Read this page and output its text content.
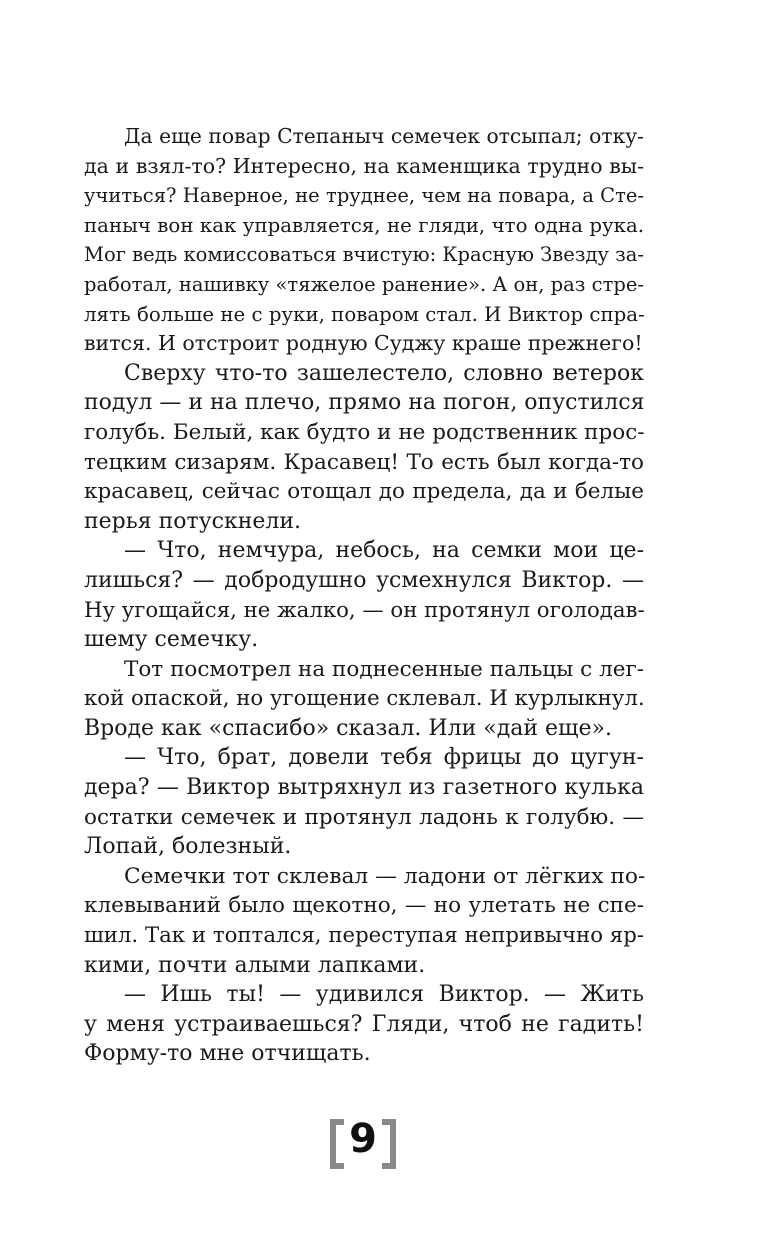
Да еще повар Степаныч семечек отсыпал; отку-
да и взял-то? Интересно, на каменщика трудно вы-
учиться? Наверное, не труднее, чем на повара, а Сте-
паныч вон как управляется, не гляди, что одна рука.
Мог ведь комиссоваться вчистую: Красную Звезду за-
работал, нашивку «тяжелое ранение». А он, раз стре-
лять больше не с руки, поваром стал. И Виктор спра-
вится. И отстроит родную Суджу краше прежнего!
Сверху что-то зашелестело, словно ветерок
подул — и на плечо, прямо на погон, опустился
голубь. Белый, как будто и не родственник прос-
тецким сизарям. Красавец! То есть был когда-то
красавец, сейчас отощал до предела, да и белые
перья потускнели.
— Что, немчура, небось, на семки мои це-
лишься? — добродушно усмехнулся Виктор. —
Ну угощайся, не жалко, — он протянул оголодав-
шему семечку.
Тот посмотрел на поднесенные пальцы с лег-
кой опаской, но угощение склевал. И курлыкнул.
Вроде как «спасибо» сказал. Или «дай еще».
— Что, брат, довели тебя фрицы до цугун-
дера? — Виктор вытряхнул из газетного кулька
остатки семечек и протянул ладонь к голубю. —
Лопай, болезный.
Семечки тот склевал — ладони от лёгких по-
клевываний было щекотно, — но улетать не спе-
шил. Так и топтался, переступая непривычно яр-
кими, почти алыми лапками.
— Ишь ты! — удивился Виктор. — Жить
у меня устраиваешься? Гляди, чтоб не гадить!
Форму-то мне отчищать.
9
